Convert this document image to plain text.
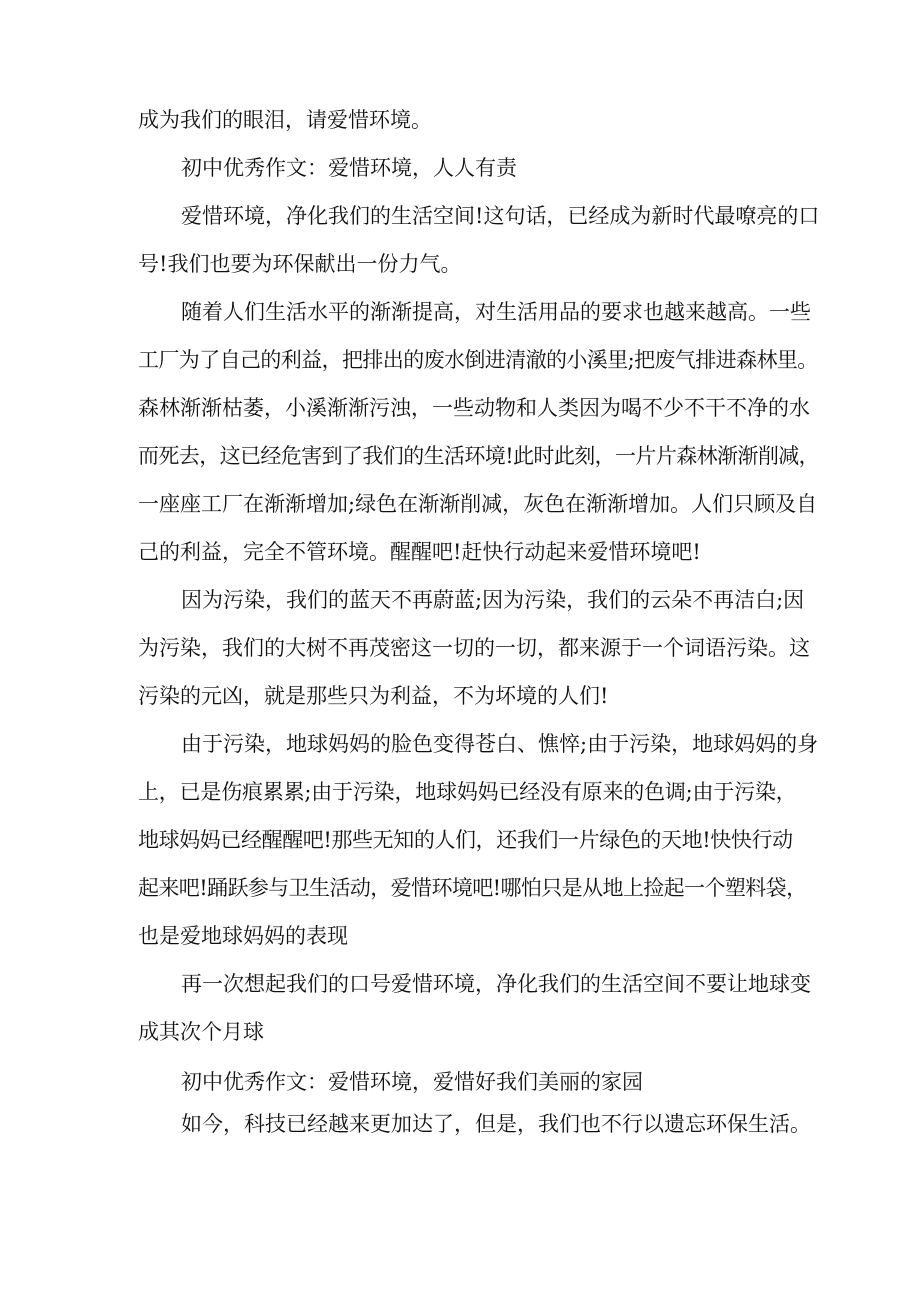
成为我们的眼泪，请爱惜环境。
初中优秀作文：爱惜环境，人人有责
爱惜环境，净化我们的生活空间!这句话，已经成为新时代最嘹亮的口
号!我们也要为环保献出一份力气。
随着人们生活水平的渐渐提高，对生活用品的要求也越来越高。一些
工厂为了自己的利益，把排出的废水倒进清澈的小溪里;把废气排进森林里。
森林渐渐枯萎，小溪渐渐污浊，一些动物和人类因为喝不少不干不净的水
而死去，这已经危害到了我们的生活环境!此时此刻，一片片森林渐渐削减，
一座座工厂在渐渐增加;绿色在渐渐削减，灰色在渐渐增加。人们只顾及自
己的利益，完全不管环境。醒醒吧!赶快行动起来爱惜环境吧!
因为污染，我们的蓝天不再蔚蓝;因为污染，我们的云朵不再洁白;因
为污染，我们的大树不再茂密这一切的一切，都来源于一个词语污染。这
污染的元凶，就是那些只为利益，不为坏境的人们!
由于污染，地球妈妈的脸色变得苍白、憔悴;由于污染，地球妈妈的身
上，已是伤痕累累;由于污染，地球妈妈已经没有原来的色调;由于污染，
地球妈妈已经醒醒吧!那些无知的人们，还我们一片绿色的天地!快快行动
起来吧!踊跃参与卫生活动，爱惜环境吧!哪怕只是从地上捡起一个塑料袋，
也是爱地球妈妈的表现
再一次想起我们的口号爱惜环境，净化我们的生活空间不要让地球变
成其次个月球
初中优秀作文：爱惜环境，爱惜好我们美丽的家园
如今，科技已经越来更加达了，但是，我们也不行以遗忘环保生活。
